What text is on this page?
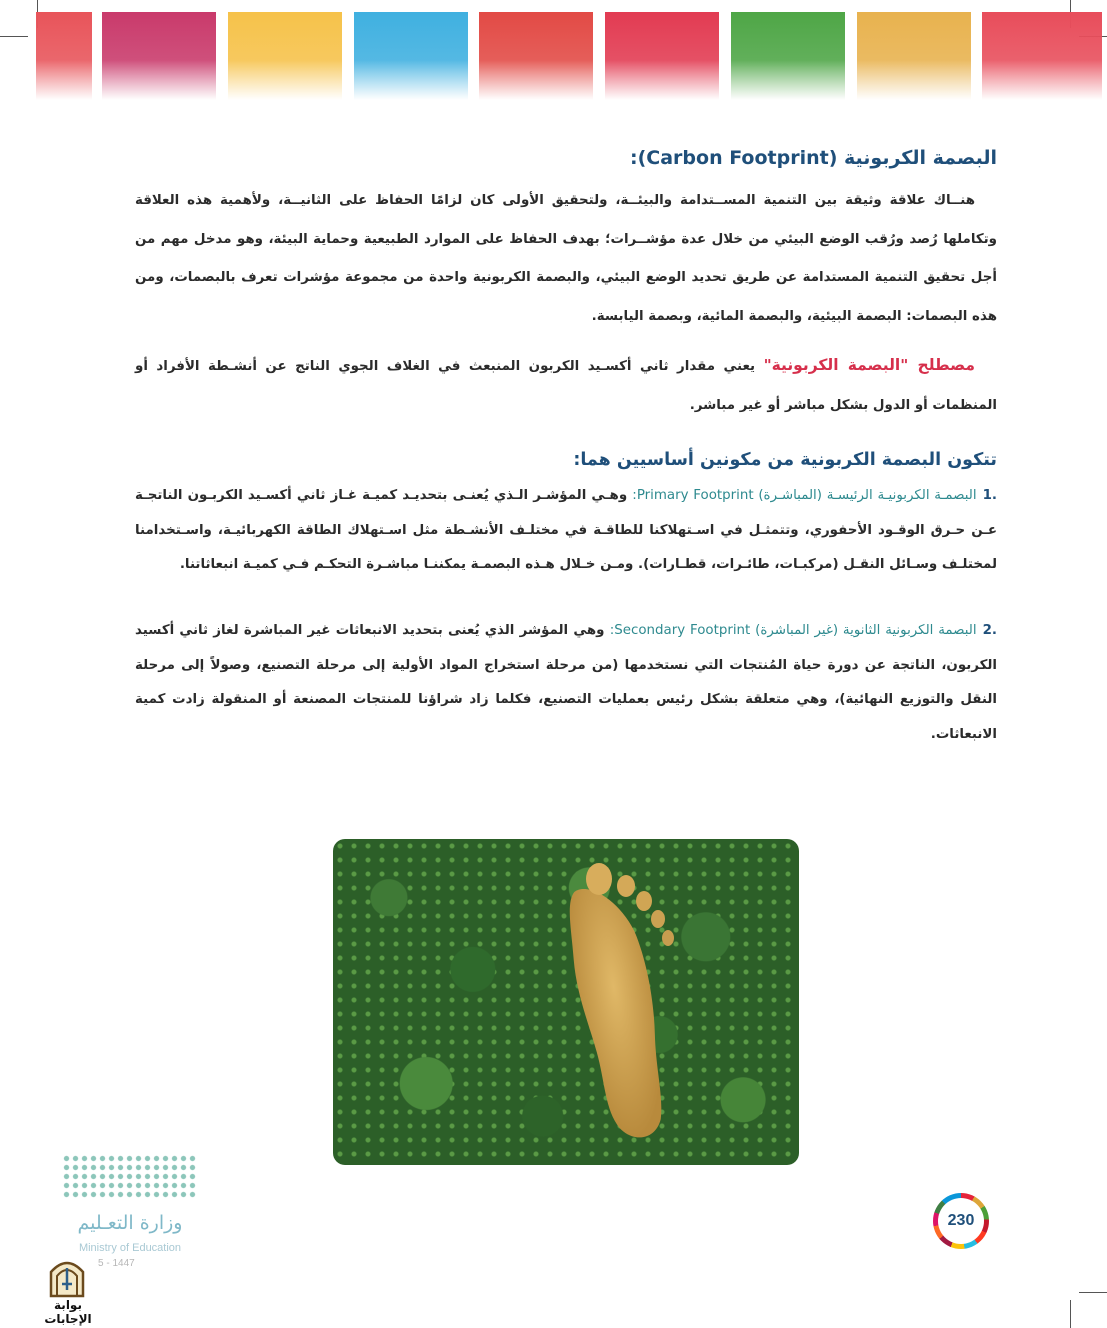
البصمة الكربونية (Carbon Footprint):
هنــاك علاقة وثيقة بين التنمية المســتدامة والبيئــة، ولتحقيق الأولى كان لزامًا الحفاظ على الثانيــة، ولأهمية هذه العلاقة وتكاملها رُصد ورُقب الوضع البيئي من خلال عدة مؤشــرات؛ بهدف الحفاظ على الموارد الطبيعية وحماية البيئة، وهو مدخل مهم من أجل تحقيق التنمية المستدامة عن طريق تحديد الوضع البيئي، والبصمة الكربونية واحدة من مجموعة مؤشرات تعرف بالبصمات، ومن هذه البصمات: البصمة البيئية، والبصمة المائية، وبصمة اليابسة.
مصطلح "البصمة الكربونية" يعني مقدار ثاني أكسـيد الكربون المنبعث في الغلاف الجوي الناتج عن أنشـطة الأفراد أو المنظمات أو الدول بشكل مباشر أو غير مباشر.
تتكون البصمة الكربونية من مكونين أساسيين هما:
.1البصمـة الكربونيـة الرئيسـة (المباشـرة) Primary Footprint: وهـي المؤشـر الـذي يُعنـى بتحديـد كميـة غـاز ثاني أكسـيد الكربـون الناتجـة عـن حـرق الوقـود الأحفوري، وتتمثـل في اسـتهلاكنا للطاقـة في مختلـف الأنشـطة مثل اسـتهلاك الطاقة الكهربائيـة، واسـتخدامنا لمختلـف وسـائل النقـل (مركبـات، طائـرات، قطـارات). ومـن خـلال هـذه البصمـة يمكننـا مباشـرة التحكـم فـي كميـة انبعاثاتنا.
.2البصمة الكربونية الثانوية (غير المباشرة) Secondary Footprint: وهي المؤشر الذي يُعنى بتحديد الانبعاثات غير المباشرة لغاز ثاني أكسيد الكربون، الناتجة عن دورة حياة المُنتجات التي نستخدمها (من مرحلة استخراج المواد الأولية إلى مرحلة التصنيع، وصولاً إلى مرحلة النقل والتوزيع النهائية)، وهي متعلقة بشكل رئيس بعمليات التصنيع، فكلما زاد شراؤنا للمنتجات المصنعة أو المنقولة زادت كمية الانبعاثات.
230
وزارة التعـليم
Ministry of Education
5 - 1447
بوابة الإجابات
